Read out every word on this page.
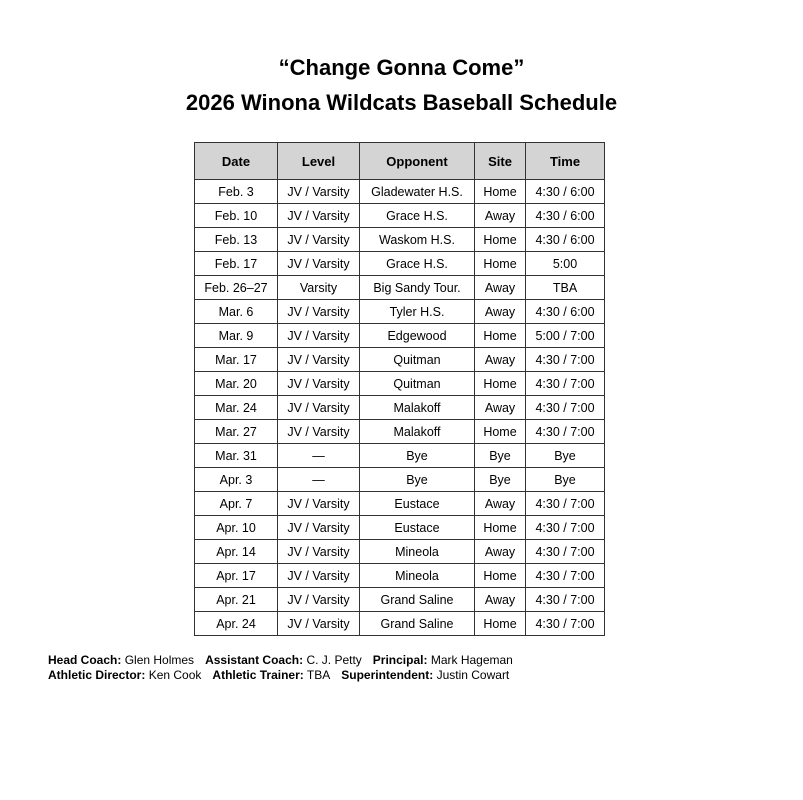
“Change Gonna Come”
2026 Winona Wildcats Baseball Schedule
Date	Level	Opponent	Site	Time
Feb. 3	JV / Varsity	Gladewater H.S.	Home	4:30 / 6:00
Feb. 10	JV / Varsity	Grace H.S.	Away	4:30 / 6:00
Feb. 13	JV / Varsity	Waskom H.S.	Home	4:30 / 6:00
Feb. 17	JV / Varsity	Grace H.S.	Home	5:00
Feb. 26–27	Varsity	Big Sandy Tour.	Away	TBA
Mar. 6	JV / Varsity	Tyler H.S.	Away	4:30 / 6:00
Mar. 9	JV / Varsity	Edgewood	Home	5:00 / 7:00
Mar. 17	JV / Varsity	Quitman	Away	4:30 / 7:00
Mar. 20	JV / Varsity	Quitman	Home	4:30 / 7:00
Mar. 24	JV / Varsity	Malakoff	Away	4:30 / 7:00
Mar. 27	JV / Varsity	Malakoff	Home	4:30 / 7:00
Mar. 31	—	Bye	Bye	Bye
Apr. 3	—	Bye	Bye	Bye
Apr. 7	JV / Varsity	Eustace	Away	4:30 / 7:00
Apr. 10	JV / Varsity	Eustace	Home	4:30 / 7:00
Apr. 14	JV / Varsity	Mineola	Away	4:30 / 7:00
Apr. 17	JV / Varsity	Mineola	Home	4:30 / 7:00
Apr. 21	JV / Varsity	Grand Saline	Away	4:30 / 7:00
Apr. 24	JV / Varsity	Grand Saline	Home	4:30 / 7:00
Head Coach: Glen Holmes Assistant Coach: C. J. Petty Principal: Mark Hageman
Athletic Director: Ken Cook Athletic Trainer: TBA Superintendent: Justin Cowart
